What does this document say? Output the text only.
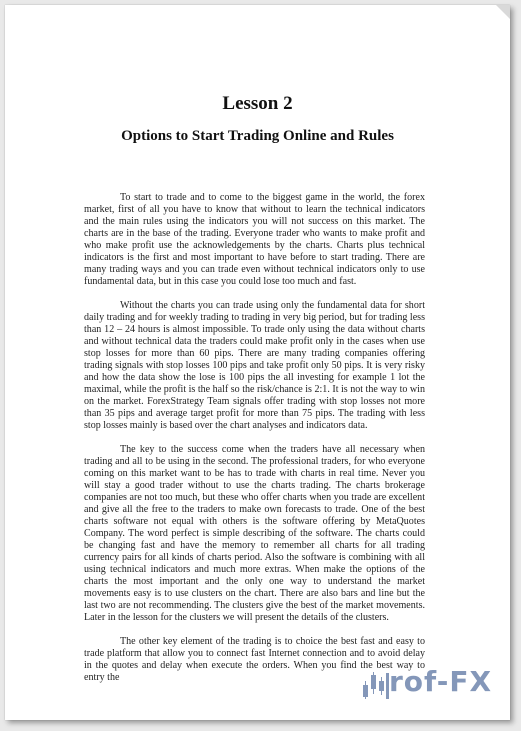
Lesson 2
Options to Start Trading Online and Rules

To start to trade and to come to the biggest game in the world, the forex market, first of all you have to know that without to learn the technical indicators and the main rules using the indicators you will not success on this market. The charts are in the base of the trading. Everyone trader who wants to make profit and who make profit use the acknowledgements by the charts. Charts plus technical indicators is the first and most important to have before to start trading. There are many trading ways and you can trade even without technical indicators only to use fundamental data, but in this case you could lose too much and fast.

Without the charts you can trade using only the fundamental data for short daily trading and for weekly trading to trading in very big period, but for trading less than 12 – 24 hours is almost impossible. To trade only using the data without charts and without technical data the traders could make profit only in the cases when use stop losses for more than 60 pips. There are many trading companies offering trading signals with stop losses 100 pips and take profit only 50 pips. It is very risky and how the data show the lose is 100 pips the all investing for example 1 lot the maximal, while the profit is the half so the risk/chance is 2:1. It is not the way to win on the market. ForexStrategy Team signals offer trading with stop losses not more than 35 pips and average target profit for more than 75 pips. The trading with less stop losses mainly is based over the chart analyses and indicators data.

The key to the success come when the traders have all necessary when trading and all to be using in the second. The professional traders, for who everyone coming on this market want to be has to trade with charts in real time. Never you will stay a good trader without to use the charts trading. The charts brokerage companies are not too much, but these who offer charts when you trade are excellent and give all the free to the traders to make own forecasts to trade. One of the best charts software not equal with others is the software offering by MetaQuotes Company. The word perfect is simple describing of the software. The charts could be changing fast and have the memory to remember all charts for all trading currency pairs for all kinds of charts period. Also the software is combining with all using technical indicators and much more extras. When make the options of the charts the most important and the only one way to understand the market movements easy is to use clusters on the chart. There are also bars and line but the last two are not recommending. The clusters give the best of the market movements. Later in the lesson for the clusters we will present the details of the clusters.

The other key element of the trading is to choice the best fast and easy to trade platform that allow you to connect fast Internet connection and to avoid delay in the quotes and delay when execute the orders. When you find the best way to entry the	rof-FX
